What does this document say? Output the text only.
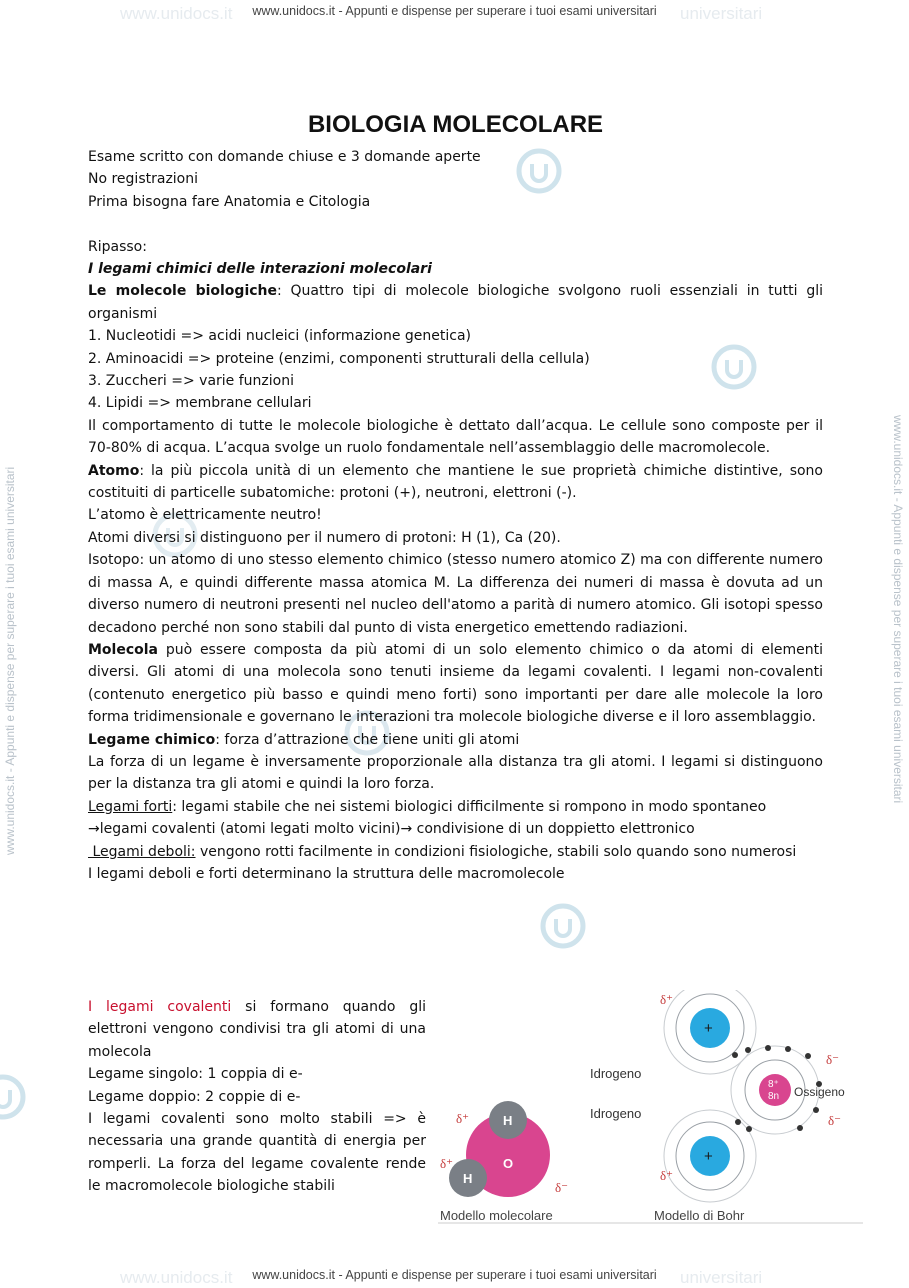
www.unidocs.it	universitari
www.unidocs.it	universitari
www.unidocs.it - Appunti e dispense per superare i tuoi esami universitari
www.unidocs.it - Appunti e dispense per superare i tuoi esami universitari
www.unidocs.it - Appunti e dispense per superare i tuoi esami universitari	www.unidocs.it - Appunti e dispense per superare i tuoi esami universitari
BIOLOGIA MOLECOLARE

Esame scritto con domande chiuse e 3 domande aperte

No registrazioni

Prima bisogna fare Anatomia e Citologia

Ripasso:

I legami chimici delle interazioni molecolari

Le molecole biologiche: Quattro tipi di molecole biologiche svolgono ruoli essenziali in tutti gli organismi

1. Nucleotidi => acidi nucleici (informazione genetica)

2. Aminoacidi => proteine (enzimi, componenti strutturali della cellula)

3. Zuccheri => varie funzioni

4. Lipidi => membrane cellulari

Il comportamento di tutte le molecole biologiche è dettato dall’acqua. Le cellule sono composte per il 70-80% di acqua. L’acqua svolge un ruolo fondamentale nell’assemblaggio delle macromolecole.

Atomo: la più piccola unità di un elemento che mantiene le sue proprietà chimiche distintive, sono costituiti di particelle subatomiche: protoni (+), neutroni, elettroni (-).

L’atomo è elettricamente neutro!

Atomi diversi si distinguono per il numero di protoni: H (1), Ca (20).

Isotopo: un atomo di uno stesso elemento chimico (stesso numero atomico Z) ma con differente numero di massa A, e quindi differente massa atomica M. La differenza dei numeri di massa è dovuta ad un diverso numero di neutroni presenti nel nucleo dell'atomo a parità di numero atomico. Gli isotopi spesso decadono perché non sono stabili dal punto di vista energetico emettendo radiazioni.

Molecola può essere composta da più atomi di un solo elemento chimico o da atomi di elementi diversi. Gli atomi di una molecola sono tenuti insieme da legami covalenti. I legami non-covalenti (contenuto energetico più basso e quindi meno forti) sono importanti per dare alle molecole la loro forma tridimensionale e governano le interazioni tra molecole biologiche diverse e il loro assemblaggio.

Legame chimico: forza d’attrazione che tiene uniti gli atomi

La forza di un legame è inversamente proporzionale alla distanza tra gli atomi. I legami si distinguono per la distanza tra gli atomi e quindi la loro forza.

Legami forti: legami stabile che nei sistemi biologici difficilmente si rompono in modo spontaneo

→legami covalenti (atomi legati molto vicini)→ condivisione di un doppietto elettronico

Legami deboli: vengono rotti facilmente in condizioni fisiologiche, stabili solo quando sono numerosi

I legami deboli e forti determinano la struttura delle macromolecole

I legami covalenti si formano quando gli elettroni vengono condivisi tra gli atomi di una molecola

Legame singolo: 1 coppia di e-

Legame doppio: 2 coppie di e-

I legami covalenti sono molto stabili => è necessaria una grande quantità di energia per romperli. La forza del legame covalente rende le macromolecole biologiche stabili

H
H
O
δ⁺
δ⁺
δ⁻
Modello molecolare
+
+
8⁺
8n
Idrogeno
Idrogeno
Ossigeno
δ⁺
δ⁺
δ⁻
δ⁻
Modello di Bohr
